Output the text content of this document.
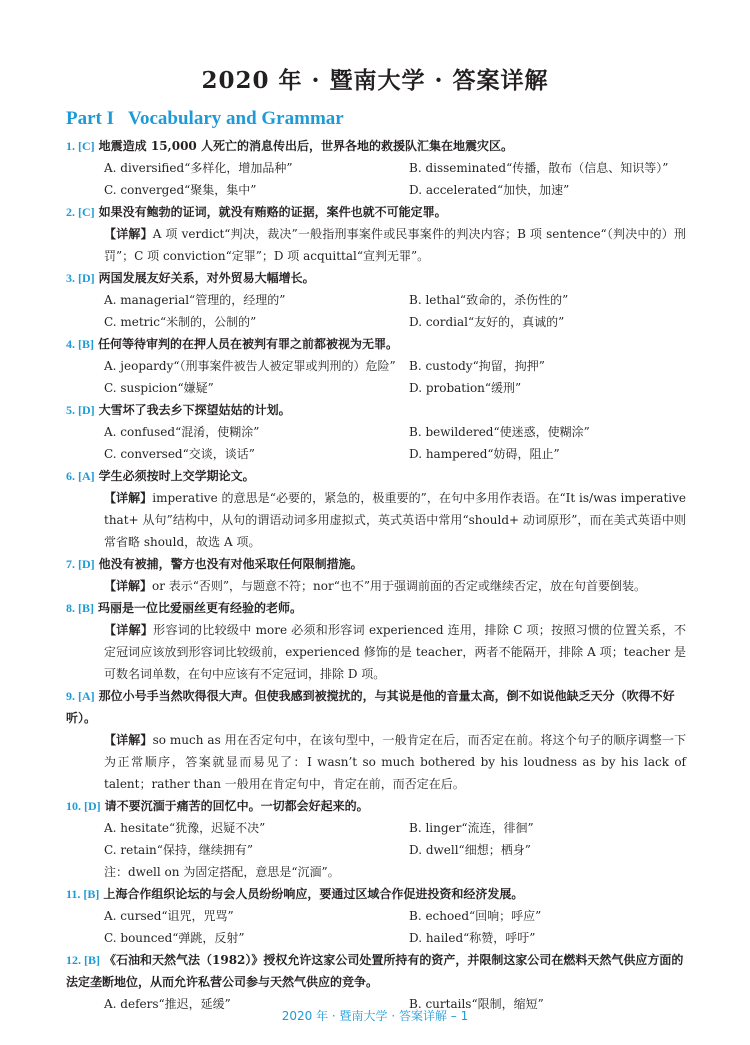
2020 年 · 暨南大学 · 答案详解
Part I Vocabulary and Grammar
1. [C] 地震造成 15,000 人死亡的消息传出后，世界各地的救援队汇集在地震灾区。
A. diversified“多样化，增加品种”	B. disseminated“传播，散布（信息、知识等）”
C. converged“聚集，集中”	D. accelerated“加快，加速”
2. [C] 如果没有鲍勃的证词，就没有贿赂的证据，案件也就不可能定罪。
【详解】A 项 verdict“判决，裁决”一般指刑事案件或民事案件的判决内容；B 项 sentence“（判决中的）刑罚”；C 项 conviction“定罪”；D 项 acquittal“宣判无罪”。
3. [D] 两国发展友好关系，对外贸易大幅增长。
A. managerial“管理的，经理的”	B. lethal“致命的，杀伤性的”
C. metric“米制的，公制的”	D. cordial“友好的，真诚的”
4. [B] 任何等待审判的在押人员在被判有罪之前都被视为无罪。
A. jeopardy“（刑事案件被告人被定罪或判刑的）危险”	B. custody“拘留，拘押”
C. suspicion“嫌疑”	D. probation“缓刑”
5. [D] 大雪坏了我去乡下探望姑姑的计划。
A. confused“混淆，使糊涂”	B. bewildered“使迷惑，使糊涂”
C. conversed“交谈，谈话”	D. hampered“妨碍，阻止”
6. [A] 学生必须按时上交学期论文。
【详解】imperative 的意思是“必要的，紧急的，极重要的”，在句中多用作表语。在“It is/was imperative that+ 从句”结构中，从句的谓语动词多用虚拟式，英式英语中常用“should+ 动词原形”，而在美式英语中则常省略 should，故选 A 项。
7. [D] 他没有被捕，警方也没有对他采取任何限制措施。
【详解】or 表示“否则”，与题意不符；nor“也不”用于强调前面的否定或继续否定，放在句首要倒装。
8. [B] 玛丽是一位比爱丽丝更有经验的老师。
【详解】形容词的比较级中 more 必须和形容词 experienced 连用，排除 C 项；按照习惯的位置关系，不定冠词应该放到形容词比较级前，experienced 修饰的是 teacher，两者不能隔开，排除 A 项；teacher 是可数名词单数，在句中应该有不定冠词，排除 D 项。
9. [A] 那位小号手当然吹得很大声。但使我感到被搅扰的，与其说是他的音量太高，倒不如说他缺乏天分（吹得不好听）。
【详解】so much as 用在否定句中，在该句型中，一般肯定在后，而否定在前。将这个句子的顺序调整一下为正常顺序，答案就显而易见了：I wasn’t so much bothered by his loudness as by his lack of talent；rather than 一般用在肯定句中，肯定在前，而否定在后。
10. [D] 请不要沉湎于痛苦的回忆中。一切都会好起来的。
A. hesitate“犹豫，迟疑不决”	B. linger“流连，徘徊”
C. retain“保持，继续拥有”	D. dwell“细想；栖身”
注：dwell on 为固定搭配，意思是“沉湎”。
11. [B] 上海合作组织论坛的与会人员纷纷响应，要通过区域合作促进投资和经济发展。
A. cursed“诅咒，咒骂”	B. echoed“回响；呼应”
C. bounced“弹跳，反射”	D. hailed“称赞，呼吁”
12. [B] 《石油和天然气法（1982）》授权允许这家公司处置所持有的资产，并限制这家公司在燃料天然气供应方面的法定垄断地位，从而允许私营公司参与天然气供应的竞争。
A. defers“推迟，延缓”	B. curtails“限制，缩短”
2020 年 · 暨南大学 · 答案详解 – 1
